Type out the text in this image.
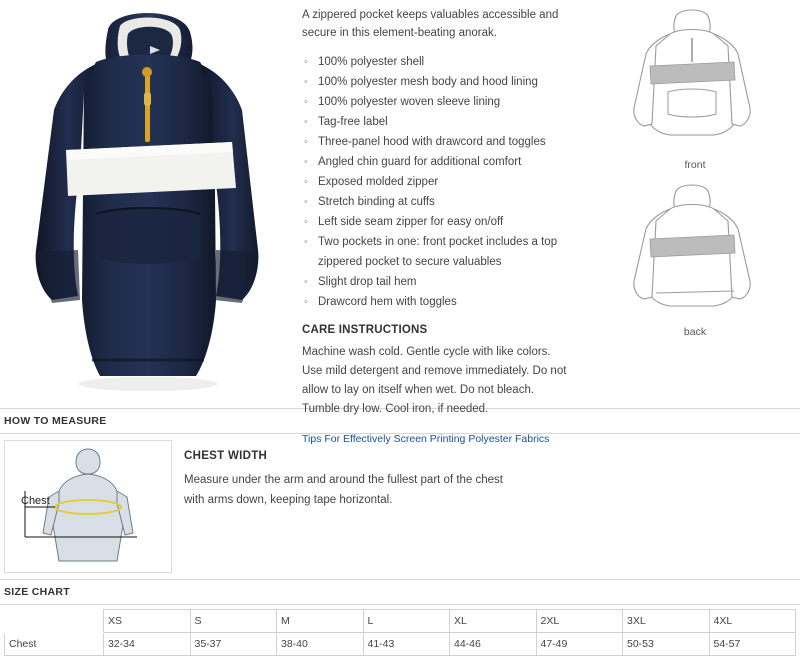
A zippered pocket keeps valuables accessible and secure in this element-beating anorak.

◦ 100% polyester shell
◦ 100% polyester mesh body and hood lining
◦ 100% polyester woven sleeve lining
◦ Tag-free label
◦ Three-panel hood with drawcord and toggles
◦ Angled chin guard for additional comfort
◦ Exposed molded zipper
◦ Stretch binding at cuffs
◦ Left side seam zipper for easy on/off
◦ Two pockets in one: front pocket includes a top zippered pocket to secure valuables
◦ Slight drop tail hem
◦ Drawcord hem with toggles
CARE INSTRUCTIONS

Machine wash cold. Gentle cycle with like colors. Use mild detergent and remove immediately. Do not allow to lay on itself when wet. Do not bleach. Tumble dry low. Cool iron, if needed.

Tips For Effectively Screen Printing Polyester Fabrics
front
back
HOW TO MEASURE
Chest
CHEST WIDTH
Measure under the arm and around the fullest part of the chest
with arms down, keeping tape horizontal.
SIZE CHART
	XS	S	M	L	XL	2XL	3XL	4XL
Chest	32-34	35-37	38-40	41-43	44-46	47-49	50-53	54-57
